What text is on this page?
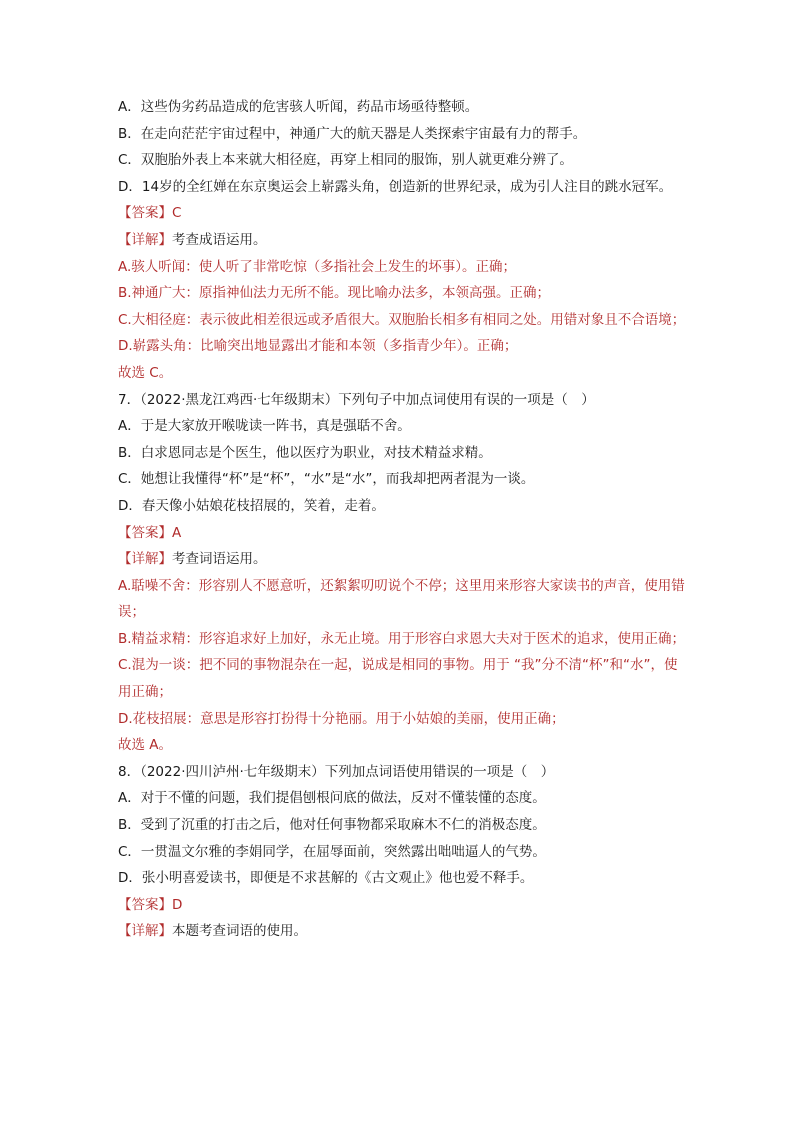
A．这些伪劣药品造成的危害骇人听闻，药品市场亟待整顿。
B．在走向茫茫宇宙过程中，神通广大的航天器是人类探索宇宙最有力的帮手。
C．双胞胎外表上本来就大相径庭，再穿上相同的服饰，别人就更难分辨了。
D．14岁的全红婵在东京奥运会上崭露头角，创造新的世界纪录，成为引人注目的跳水冠军。
【答案】C
【详解】考查成语运用。
A.骇人听闻：使人听了非常吃惊（多指社会上发生的坏事）。正确；
B.神通广大：原指神仙法力无所不能。现比喻办法多，本领高强。正确；
C.大相径庭：表示彼此相差很远或矛盾很大。双胞胎长相多有相同之处。用错对象且不合语境；
D.崭露头角：比喻突出地显露出才能和本领（多指青少年）。正确；
故选 C。
7．（2022·黑龙江鸡西·七年级期末）下列句子中加点词使用有误的一项是（　）
A．于是大家放开喉咙读一阵书，真是强聒不舍。
B．白求恩同志是个医生，他以医疗为职业，对技术精益求精。
C．她想让我懂得“杯”是“杯”，“水”是“水”，而我却把两者混为一谈。
D．春天像小姑娘花枝招展的，笑着，走着。
【答案】A
【详解】考查词语运用。
A.聒噪不舍：形容别人不愿意听，还絮絮叨叨说个不停；这里用来形容大家读书的声音，使用错误；
B.精益求精：形容追求好上加好，永无止境。用于形容白求恩大夫对于医术的追求，使用正确；
C.混为一谈：把不同的事物混杂在一起，说成是相同的事物。用于 “我”分不清“杯”和“水”，使用正确；
D.花枝招展：意思是形容打扮得十分艳丽。用于小姑娘的美丽，使用正确；
故选 A。
8．（2022·四川泸州·七年级期末）下列加点词语使用错误的一项是（　）
A．对于不懂的问题，我们提倡刨根问底的做法，反对不懂装懂的态度。
B．受到了沉重的打击之后，他对任何事物都采取麻木不仁的消极态度。
C．一贯温文尔雅的李娟同学，在屈辱面前，突然露出咄咄逼人的气势。
D．张小明喜爱读书，即便是不求甚解的《古文观止》他也爱不释手。
【答案】D
【详解】本题考查词语的使用。
